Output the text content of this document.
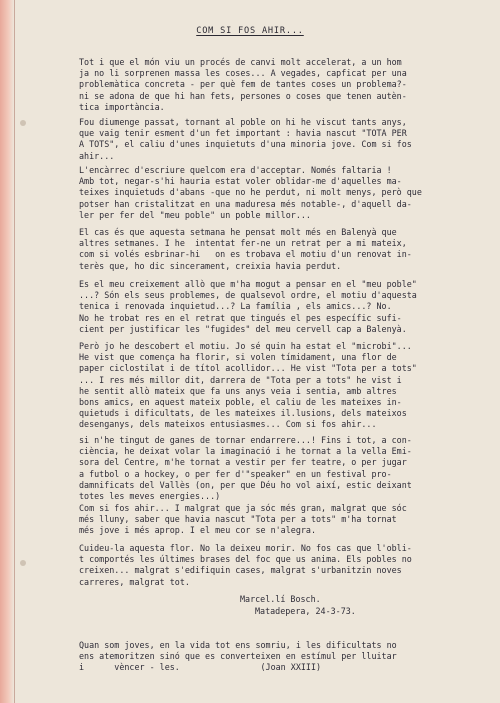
COM SI FOS AHIR...
Tot i que el món viu un procés de canvi molt accelerat, a un hom
ja no li sorprenen massa les coses... A vegades, capficat per una
problemàtica concreta - per què fem de tantes coses un problema?-
ni se adona de que hi han fets, persones o coses que tenen autèn-
tica importància.
Fou diumenge passat, tornant al poble on hi he viscut tants anys,
que vaig tenir esment d'un fet important : havia nascut "TOTA PER
A TOTS", el caliu d'unes inquietuts d'una minoria jove. Com si fos
ahir...
L'encàrrec d'escriure quelcom era d'acceptar. Només faltaria !
Amb tot, negar-s'hi hauria estat voler oblidar-me d'aquelles ma-
teixes inquietuds d'abans -que no he perdut, ni molt menys, però que
potser han cristalitzat en una maduresa més notable-, d'aquell da-
ler per fer del "meu poble" un poble millor...
El cas és que aquesta setmana he pensat molt més en Balenyà que
altres setmanes. I he  intentat fer-ne un retrat per a mi mateix,
com si volés esbrinar-hi   on es trobava el motiu d'un renovat in-
terès que, ho dic sincerament, creixia havia perdut.
Es el meu creixement allò que m'ha mogut a pensar en el "meu poble"
...? Són els seus problemes, de qualsevol ordre, el motiu d'aquesta
tenica i renovada inquietud...? La família , els amics...? No.
No he trobat res en el retrat que tingués el pes específic sufi-
cient per justificar les "fugides" del meu cervell cap a Balenyà.
Però jo he descobert el motiu. Jo sé quin ha estat el "microbi"...
He vist que comença ha florir, si volen tímidament, una flor de
paper ciclostilat i de títol acollidor... He vist "Tota per a tots"
... I res més millor dit, darrera de "Tota per a tots" he vist i
he sentit allò mateix que fa uns anys veia i sentia, amb altres
bons amics, en aquest mateix poble, el caliu de les mateixes in-
quietuds i dificultats, de les mateixes il.lusions, dels mateixos
desenganys, dels mateixos entusiasmes... Com si fos ahir...
si n'he tingut de ganes de tornar endarrere...! Fins i tot, a con-
ciència, he deixat volar la imaginació i he tornat a la vella Emi-
sora del Centre, m'he tornat a vestir per fer teatre, o per jugar
a futbol o a hockey, o per fer d'"speaker" en un festival pro-
damnificats del Vallès (on, per que Déu ho vol així, estic deixant
totes les meves energies...)
Com si fos ahir... I malgrat que ja sóc més gran, malgrat que sóc
més lluny, saber que havia nascut "Tota per a tots" m'ha tornat
més jove i més aprop. I el meu cor se n'alegra.
Cuideu-la aquesta flor. No la deixeu morir. No fos cas que l'obli-
t comportés les últimes brases del foc que us anima. Els pobles no
creixen... malgrat s'edifiquin cases, malgrat s'urbanitzin noves
carreres, malgrat tot.
Marcel.lí Bosch.
Matadepera, 24-3-73.
Quan som joves, en la vida tot ens somriu, i les dificultats no
ens atemoritzen sinó que es converteixen en estímul per lluitar
i      vèncer - les.                (Joan XXIII)
